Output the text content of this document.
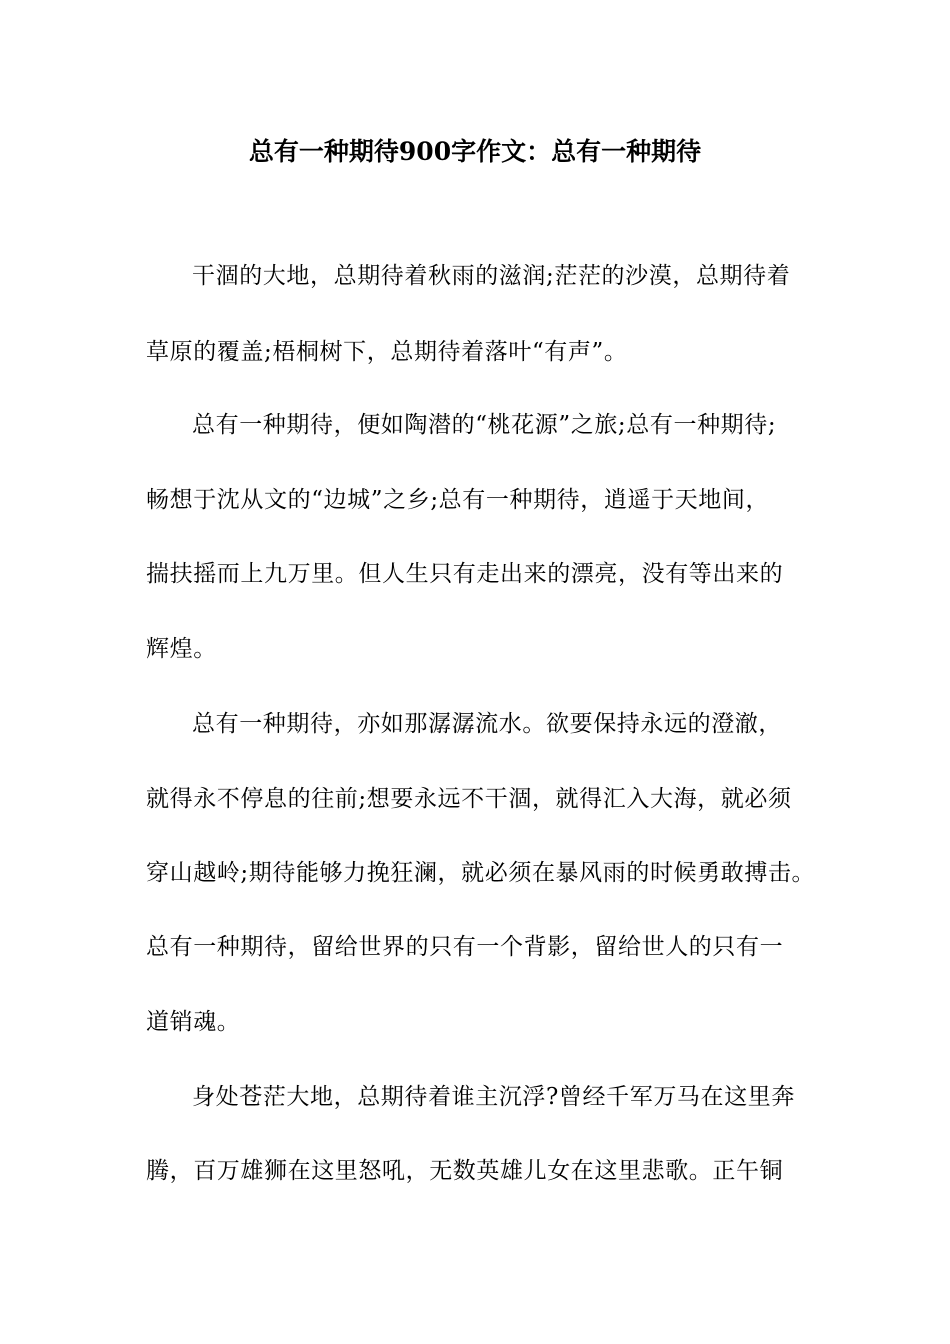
总有一种期待900字作文：总有一种期待
干涸的大地，总期待着秋雨的滋润;茫茫的沙漠，总期待着
草原的覆盖;梧桐树下，总期待着落叶“有声”。
总有一种期待，便如陶潜的“桃花源”之旅;总有一种期待;
畅想于沈从文的“边城”之乡;总有一种期待，逍遥于天地间，
揣扶摇而上九万里。但人生只有走出来的漂亮，没有等出来的
辉煌。
总有一种期待，亦如那潺潺流水。欲要保持永远的澄澈，
就得永不停息的往前;想要永远不干涸，就得汇入大海，就必须
穿山越岭;期待能够力挽狂澜，就必须在暴风雨的时候勇敢搏击。
总有一种期待，留给世界的只有一个背影，留给世人的只有一
道销魂。
身处苍茫大地，总期待着谁主沉浮?曾经千军万马在这里奔
腾，百万雄狮在这里怒吼，无数英雄儿女在这里悲歌。正午铜
